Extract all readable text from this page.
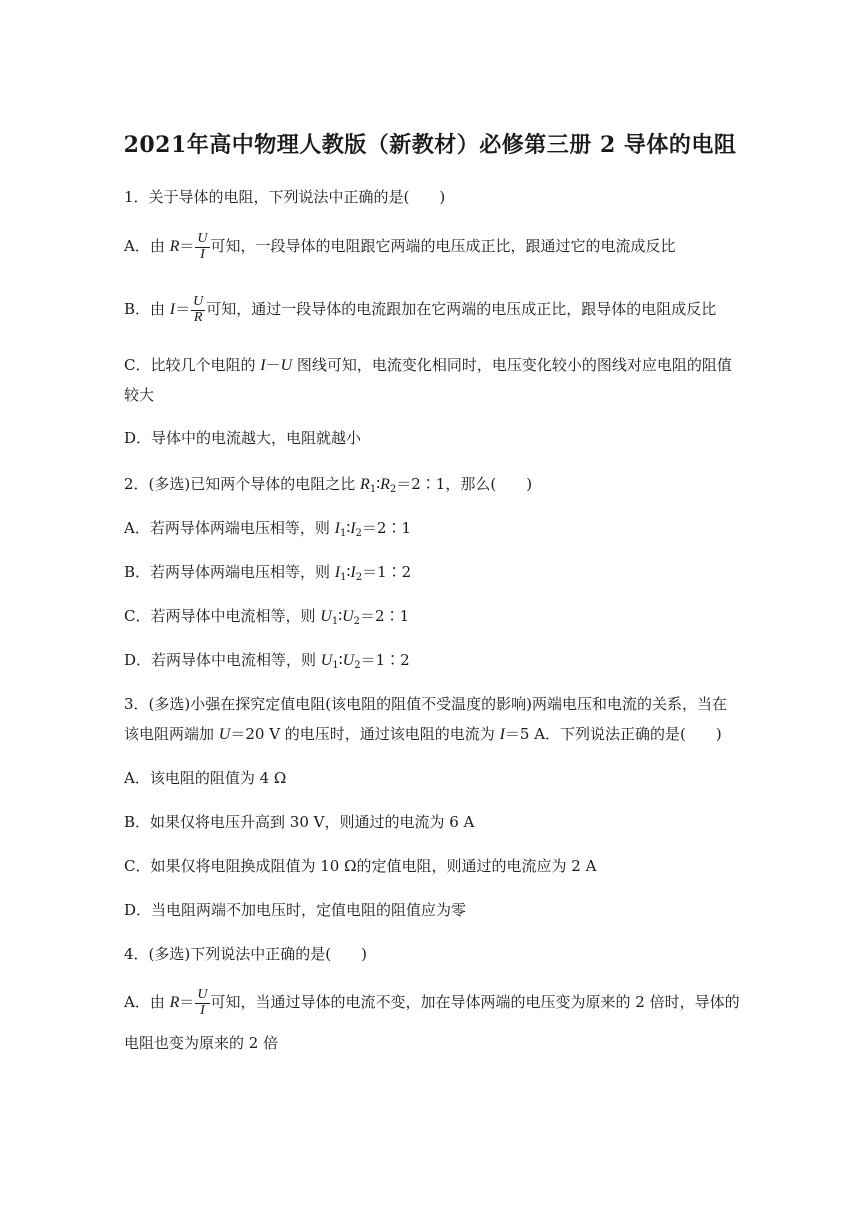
2021年高中物理人教版（新教材）必修第三册 2 导体的电阻
1．关于导体的电阻，下列说法中正确的是(　　)
A．由 $R= \frac{U}{I}$ 可知，一段导体的电阻跟它两端的电压成正比，跟通过它的电流成反比
B．由 $I= \frac{U}{R}$ 可知，通过一段导体的电流跟加在它两端的电压成正比，跟导体的电阻成反比
C．比较几个电阻的 I－U 图线可知，电流变化相同时，电压变化较小的图线对应电阻的阻值
较大
D．导体中的电流越大，电阻就越小
2．(多选)已知两个导体的电阻之比 $R_1∶R_2=2∶1$，那么(　　)
A．若两导体两端电压相等，则 $I_1∶I_2=2∶1$
B．若两导体两端电压相等，则 $I_1∶I_2=1∶2$
C．若两导体中电流相等，则 $U_1∶U_2=2∶1$
D．若两导体中电流相等，则 $U_1∶U_2=1∶2$
3．(多选)小强在探究定值电阻(该电阻的阻值不受温度的影响)两端电压和电流的关系，当在
该电阻两端加 U＝20 V 的电压时，通过该电阻的电流为 I＝5 A．下列说法正确的是(　　)
A．该电阻的阻值为 4 Ω
B．如果仅将电压升高到 30 V，则通过的电流为 6 A
C．如果仅将电阻换成阻值为 10 Ω的定值电阻，则通过的电流应为 2 A
D．当电阻两端不加电压时，定值电阻的阻值应为零
4．(多选)下列说法中正确的是(　　)
A．由 $R= \frac{U}{I}$ 可知，当通过导体的电流不变，加在导体两端的电压变为原来的 2 倍时，导体的
电阻也变为原来的 2 倍
